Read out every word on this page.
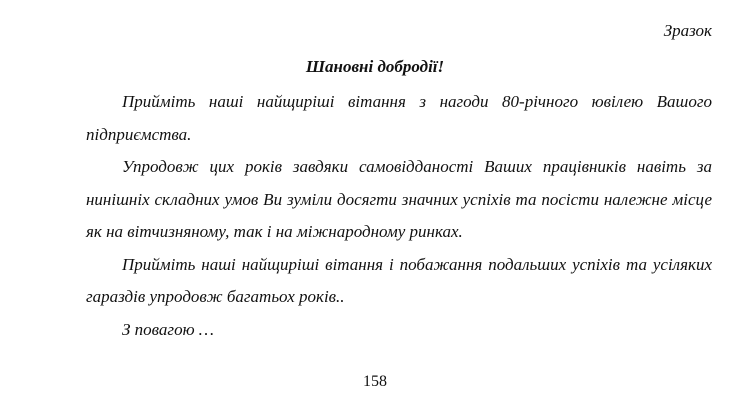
Зразок
Шановні добродії!

Прийміть наші найщиріші вітання з нагоди 80-річного ювілею Вашого підприємства.

Упродовж цих років завдяки самовідданості Ваших працівників навіть за нинішніх складних умов Ви зуміли досягти значних успіхів та посісти належне місце як на вітчизняному, так і на міжнародному ринках.

Прийміть наші найщиріші вітання і побажання подальших успіхів та усіляких гараздів упродовж багатьох років..

З повагою …

158
